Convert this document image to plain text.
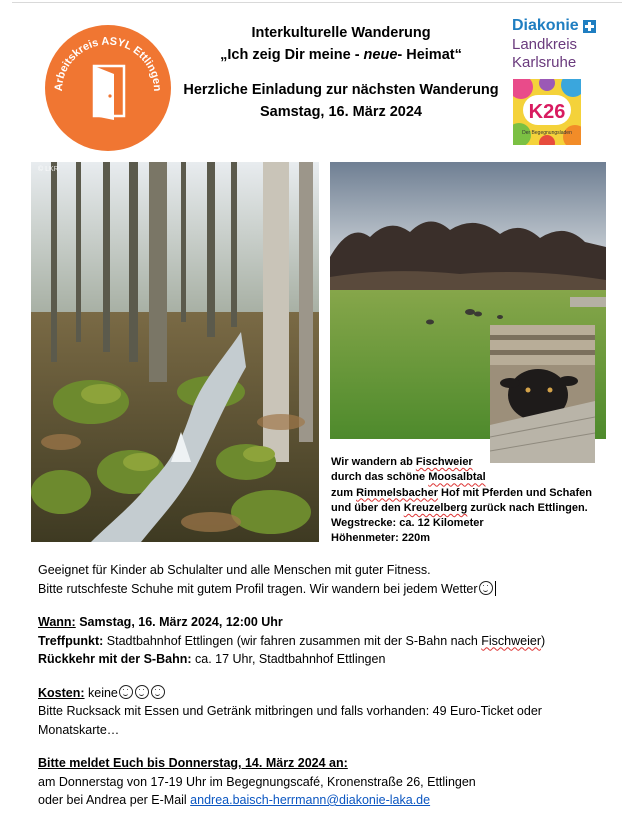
Arbeitskreis ASYL Ettlingen
Interkulturelle Wanderung
„Ich zeig Dir meine - neue- Heimat“
Herzliche Einladung zur nächsten Wanderung
Samstag, 16. März 2024
Diakonie
Landkreis
Karlsruhe
K26
Der Begegnungsladen
© LKR
Wir wandern ab Fischweier
durch das schöne Moosalbtal
zum Rimmelsbacher Hof mit Pferden und Schafen
und über den Kreuzelberg zurück nach Ettlingen.
Wegstrecke: ca. 12 Kilometer
Höhenmeter: 220m
Geeignet für Kinder ab Schulalter und alle Menschen mit guter Fitness.
Bitte rutschfeste Schuhe mit gutem Profil tragen. Wir wandern bei jedem Wetter
Wann: Samstag, 16. März 2024, 12:00 Uhr
Treffpunkt: Stadtbahnhof Ettlingen (wir fahren zusammen mit der S-Bahn nach Fischweier)
Rückkehr mit der S-Bahn: ca. 17 Uhr, Stadtbahnhof Ettlingen
Kosten: keine
Bitte Rucksack mit Essen und Getränk mitbringen und falls vorhanden: 49 Euro-Ticket oder
Monatskarte…
Bitte meldet Euch bis Donnerstag, 14. März 2024 an:
am Donnerstag von 17-19 Uhr im Begegnungscafé, Kronenstraße 26, Ettlingen
oder bei Andrea per E-Mail andrea.baisch-herrmann@diakonie-laka.de
